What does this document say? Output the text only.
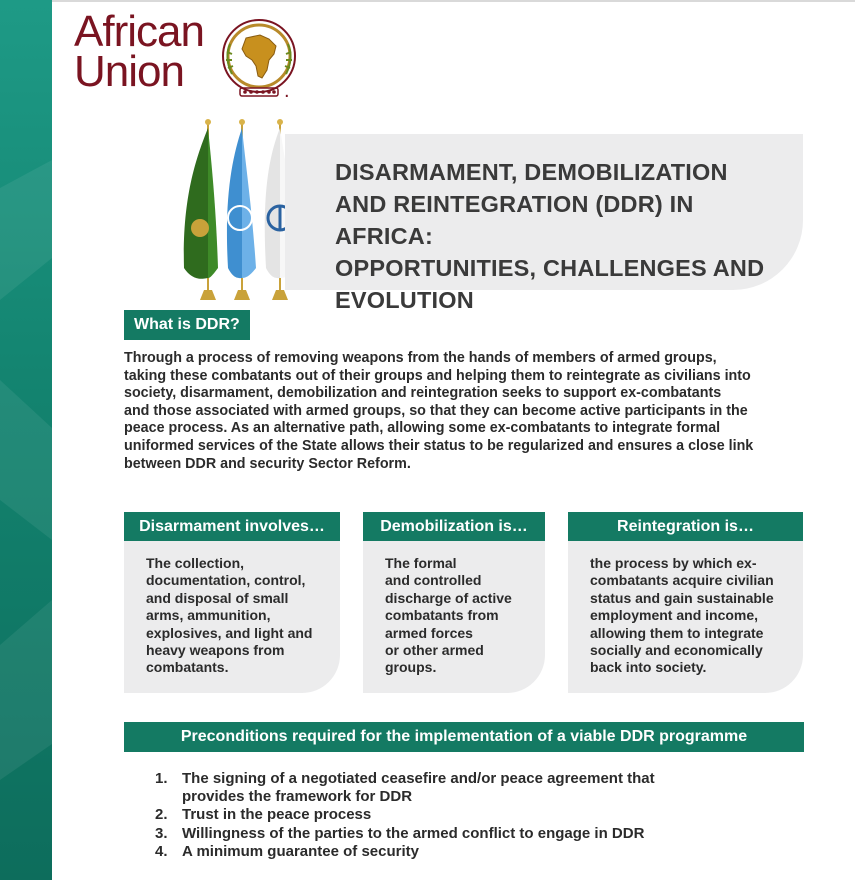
African
Union	.
DISARMAMENT, DEMOBILIZATION
AND REINTEGRATION (DDR) IN AFRICA:
OPPORTUNITIES, CHALLENGES AND
EVOLUTION
What is DDR?
Through a process of removing weapons from the hands of members of armed groups,
taking these combatants out of their groups and helping them to reintegrate as civilians into
society, disarmament, demobilization and reintegration seeks to support ex-combatants
and those associated with armed groups, so that they can become active participants in the
peace process. As an alternative path, allowing some ex-combatants to integrate formal
uniformed services of the State allows their status to be regularized and ensures a close link
between DDR and security Sector Reform.
Disarmament involves…

The collection,
documentation, control,
and disposal of small
arms, ammunition,
explosives, and light and
heavy weapons from
combatants.

Demobilization is…

The formal
and controlled
discharge of active
combatants from
armed forces
or other armed
groups.

Reintegration is…

the process by which ex-
combatants acquire civilian
status and gain sustainable
employment and income,
allowing them to integrate
socially and economically
back into society.

Preconditions required for the implementation of a viable DDR programme
1. The signing of a negotiated ceasefire and/or peace agreement that
provides the framework for DDR
2. Trust in the peace process
3. Willingness of the parties to the armed conflict to engage in DDR
4. A minimum guarantee of security
